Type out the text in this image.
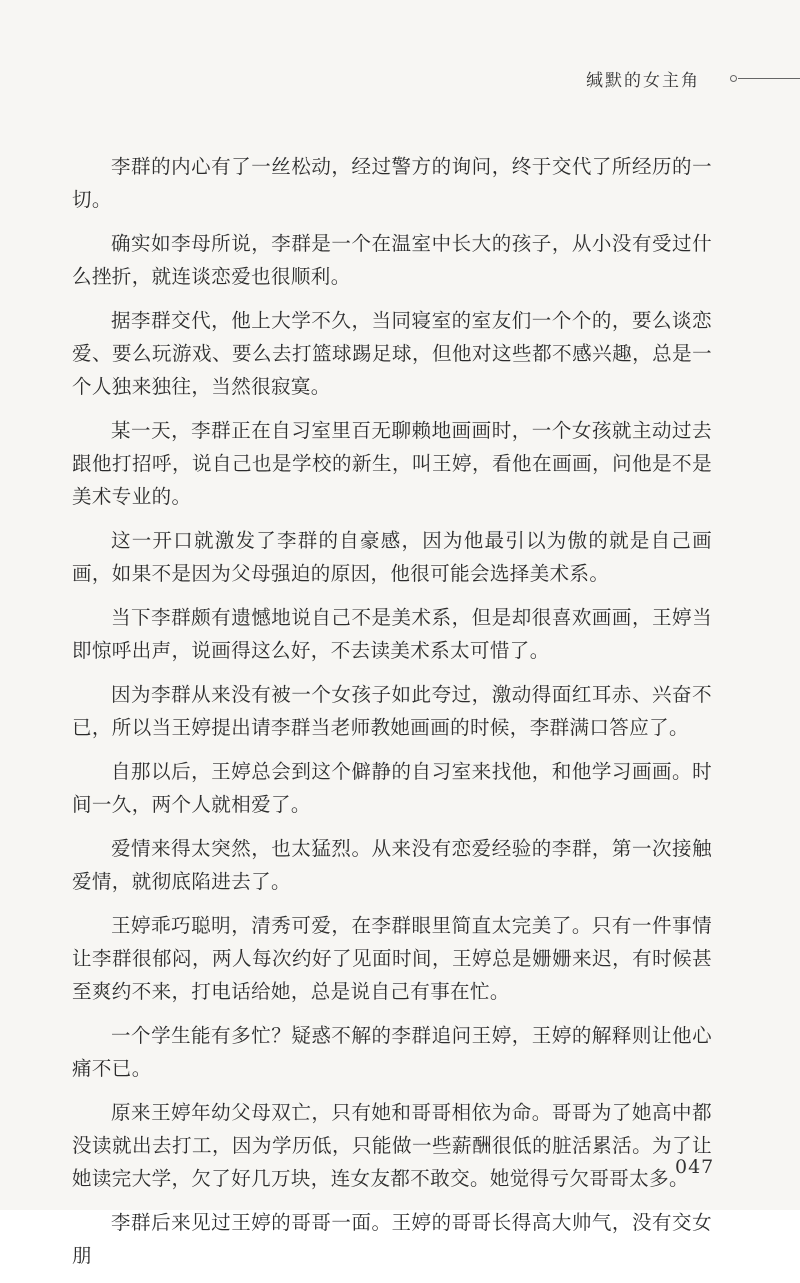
缄默的女主角

李群的内心有了一丝松动，经过警方的询问，终于交代了所经历的一切。

确实如李母所说，李群是一个在温室中长大的孩子，从小没有受过什么挫折，就连谈恋爱也很顺利。

据李群交代，他上大学不久，当同寝室的室友们一个个的，要么谈恋爱、要么玩游戏、要么去打篮球踢足球，但他对这些都不感兴趣，总是一个人独来独往，当然很寂寞。

某一天，李群正在自习室里百无聊赖地画画时，一个女孩就主动过去跟他打招呼，说自己也是学校的新生，叫王婷，看他在画画，问他是不是美术专业的。

这一开口就激发了李群的自豪感，因为他最引以为傲的就是自己画画，如果不是因为父母强迫的原因，他很可能会选择美术系。

当下李群颇有遗憾地说自己不是美术系，但是却很喜欢画画，王婷当即惊呼出声，说画得这么好，不去读美术系太可惜了。

因为李群从来没有被一个女孩子如此夸过，激动得面红耳赤、兴奋不已，所以当王婷提出请李群当老师教她画画的时候，李群满口答应了。

自那以后，王婷总会到这个僻静的自习室来找他，和他学习画画。时间一久，两个人就相爱了。

爱情来得太突然，也太猛烈。从来没有恋爱经验的李群，第一次接触爱情，就彻底陷进去了。

王婷乖巧聪明，清秀可爱，在李群眼里简直太完美了。只有一件事情让李群很郁闷，两人每次约好了见面时间，王婷总是姗姗来迟，有时候甚至爽约不来，打电话给她，总是说自己有事在忙。

一个学生能有多忙？疑惑不解的李群追问王婷，王婷的解释则让他心痛不已。

原来王婷年幼父母双亡，只有她和哥哥相依为命。哥哥为了她高中都没读就出去打工，因为学历低，只能做一些薪酬很低的脏活累活。为了让她读完大学，欠了好几万块，连女友都不敢交。她觉得亏欠哥哥太多。

李群后来见过王婷的哥哥一面。王婷的哥哥长得高大帅气，没有交女朋

047
